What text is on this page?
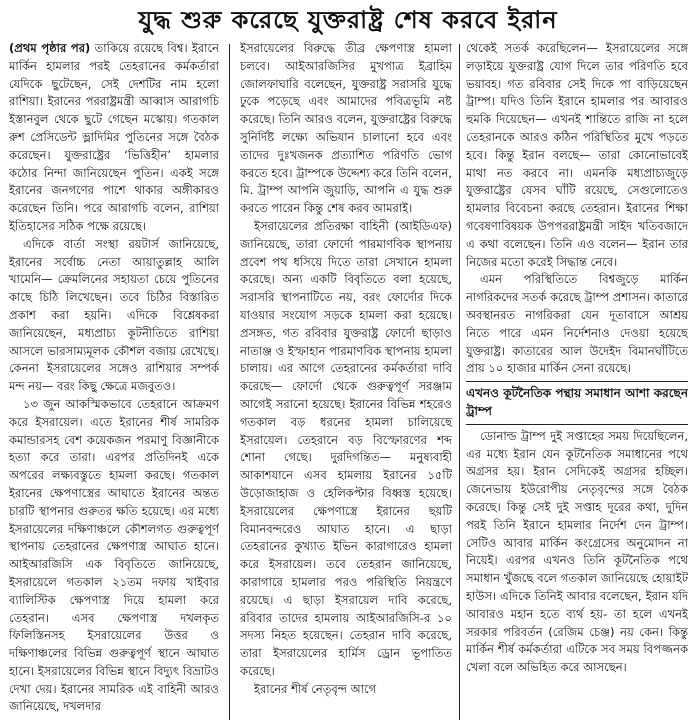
যুদ্ধ শুরু করেছে যুক্তরাষ্ট্র শেষ করবে ইরান

(প্রথম পৃষ্ঠার পর) তাকিয়ে রয়েছে বিশ্ব। ইরানে মার্কিন হামলার পরই তেহরানের কর্মকর্তারা যেদিকে ছুটেছেন, সেই দেশটির নাম হলো রাশিয়া। ইরানের পররাষ্ট্রমন্ত্রী আব্বাস আরাগচি ইস্তানবুল থেকে ছুটে গেছেন মস্কোয়। গতকাল রুশ প্রেসিডেন্ট ভ্লাদিমির পুতিনের সঙ্গে বৈঠক করেছেন। যুক্তরাষ্ট্রের ‘ভিত্তিহীন’ হামলার কঠোর নিন্দা জানিয়েছেন পুতিন। একই সঙ্গে ইরানের জনগণের পাশে থাকার অঙ্গীকারও করেছেন তিনি। পরে আরাগচি বলেন, রাশিয়া ইতিহাসের সঠিক পক্ষে রয়েছে।

এদিকে বার্তা সংস্থা রয়টার্স জানিয়েছে, ইরানের সর্বোচ্চ নেতা আয়াতুল্লাহ আলি খামেনি— ক্রেমলিনের সহায়তা চেয়ে পুতিনের কাছে চিঠি লিখেছেন। তবে চিঠির বিস্তারিত প্রকাশ করা হয়নি। এদিকে বিশ্লেষকরা জানিয়েছেন, মধ্যপ্রাচ্য কূটনীতিতে রাশিয়া আসলে ভারসাম্যমূলক কৌশল বজায় রেখেছে। কেননা ইসরায়েলের সঙ্গেও রাশিয়ার সম্পর্ক মন্দ নয়— বরং কিছু ক্ষেত্রে মজবুতও।

১৩ জুন আকস্মিকভাবে তেহরানে আক্রমণ করে ইসরায়েল। এতে ইরানের শীর্ষ সামরিক কমান্ডারসহ বেশ কয়েকজন পরমাণু বিজ্ঞানীকে হত্যা করে তারা। এরপর প্রতিদিনই একে অপরের লক্ষ্যবস্তুতে হামলা করছে। গতকাল ইরানের ক্ষেপণাস্ত্রের আঘাতে ইরানের অন্তত চারটি স্থাপনার গুরুতর ক্ষতি হয়েছে। এর মধ্যে ইসরায়েলের দক্ষিণাঞ্চলে কৌশলগত গুরুত্বপূর্ণ স্থাপনায় তেহরানের ক্ষেপণাস্ত্র আঘাত হানে। আইআরজিসি এক বিবৃতিতে জানিয়েছে, ইসরায়েলে গতকাল ২১তম দফায় খাইবার ব্যালিস্টিক ক্ষেপণাস্ত্র দিয়ে হামলা করে তেহরান। এসব ক্ষেপণাস্ত্র দখলকৃত ফিলিস্তিনসহ ইসরায়েলের উত্তর ও দক্ষিণাঞ্চলের বিভিন্ন গুরুত্বপূর্ণ স্থানে আঘাত হানে। ইসরায়েলের বিভিন্ন স্থানে বিদ্যুৎ বিভ্রাটও দেখা দেয়। ইরানের সামরিক এই বাহিনী আরও জানিয়েছে, দখলদার

ইসরায়েলের বিরুদ্ধে তীব্র ক্ষেপণাস্ত্র হামলা চলবে। আইআরজিসির মুখপাত্র ইব্রাহিম জোলফাঘারি বলেছেন, যুক্তরাষ্ট্র সরাসরি যুদ্ধে ঢুকে পড়েছে এবং আমাদের পবিত্রভূমি নষ্ট করেছে। তিনি আরও বলেন, যুক্তরাষ্ট্রের বিরুদ্ধে সুনির্দিষ্ট লক্ষ্যে অভিযান চালানো হবে এবং তাদের দুঃখজনক প্রত্যাশিত পরিণতি ভোগ করতে হবে। ট্রাম্পকে উদ্দেশ্য করে তিনি বলেন, মি. ট্রাম্প আপনি জুয়াড়ি, আপনি এ যুদ্ধ শুরু করতে পারেন কিন্তু শেষ করব আমরাই।

ইসরায়েলের প্রতিরক্ষা বাহিনী (আইডিএফ) জানিয়েছে, তারা ফোর্দো পারমাণবিক স্থাপনায় প্রবেশ পথ ধসিয়ে দিতে তারা সেখানে হামলা করেছে। অন্য একটি বিবৃতিতে বলা হয়েছে, সরাসরি স্থাপনাটিতে নয়, বরং ফোর্দোর দিকে যাওয়ার সংযোগ সড়কে হামলা করা হয়েছে। প্রসঙ্গত, গত রবিবার যুক্তরাষ্ট্র ফোর্দো ছাড়াও নাতাঞ্জ ও ইস্ফাহান পারমাণবিক স্থাপনায় হামলা চালায়। এর আগে তেহরানের কর্মকর্তারা দাবি করেছে— ফোর্দো থেকে গুরুত্বপূর্ণ সরঞ্জাম আগেই সরানো হয়েছে। ইরানের বিভিন্ন শহরেও গতকাল বড় ধরনের হামলা চালিয়েছে ইসরায়েল। তেহরানে বড় বিস্ফোরণের শব্দ শোনা গেছে। দুরদিগন্তিত— মনুষ্যবাহী আকাশযানে এসব হামলায় ইরানের ১৫টি উড়োজাহাজ ও হেলিকপ্টার বিধ্বস্ত হয়েছে। ইসরায়েলের ক্ষেপণাস্ত্রে ইরানের ছয়টি বিমানবন্দরেও আঘাত হানে। এ ছাড়া তেহরানের কুখ্যাত ইভিন কারাগারেও হামলা করে ইসরায়েল। তবে তেহরান জানিয়েছে, কারাগারে হামলার পরও পরিস্থিতি নিয়ন্ত্রণে রয়েছে। এ ছাড়া ইসরায়েল দাবি করেছে, রবিবার তাদের হামলায় আইআরজিসি-র ১০ সদস্য নিহত হয়েছেন। তেহরান দাবি করেছে, তারা ইসরায়েলের হার্মিস ড্রোন ভূপাতিত করেছে।

ইরানের শীর্ষ নেতৃবৃন্দ আগে

থেকেই সতর্ক করেছিলেন— ইসরায়েলের সঙ্গে লড়াইয়ে যুক্তরাষ্ট্র যোগ দিলে তার পরিণতি হবে ভয়াবহ। গত রবিবার সেই দিকে পা বাড়িয়েছেন ট্রাম্প। যদিও তিনি ইরানে হামলার পর আবারও হুমকি দিয়েছেন— এখনই শান্তিতে রাজি না হলে তেহরানকে আরও কঠিন পরিস্থিতির মুখে পড়তে হবে। কিন্তু ইরান বলছে— তারা কোনোভাবেই মাথা নত করবে না। এমনকি মধ্যপ্রাচ্যজুড়ে যুক্তরাষ্ট্রের যেসব ঘাঁটি রয়েছে, সেগুলোতেও হামলার বিবেচনা করছে তেহরান। ইরানের শিক্ষা গবেষণাবিষয়ক উপপররাষ্ট্রমন্ত্রী সাইদ খতিবজাদে এ কথা বলেছেন। তিনি এও বলেন— ইরান তার নিজের মতো করেই সিদ্ধান্ত নেবে।

এমন পরিস্থিতিতে বিশ্বজুড়ে মার্কিন নাগরিকদের সতর্ক করেছে ট্রাম্প প্রশাসন। কাতারে অবস্থানরত নাগরিকরা যেন দূতাবাসে আশ্রয় নিতে পারে এমন নির্দেশনাও দেওয়া হয়েছে যুক্তরাষ্ট্র। কাতারের আল উদেইদ বিমানঘাঁটিতে প্রায় ১০ হাজার মার্কিন সেনা রয়েছে।

এখনও কূটনৈতিক পন্থায় সমাধান আশা করছেন ট্রাম্প

ডোনাল্ড ট্রাম্প দুই সপ্তাহের সময় দিয়েছিলেন, এর মধ্যে ইরান যেন কূটনৈতিক সমাধানের পথে অগ্রসর হয়। ইরান সেদিকেই অগ্রসর হচ্ছিল। জেনেভায় ইউরোপীয় নেতৃবৃন্দের সঙ্গে বৈঠক করেছে। কিন্তু সেই দুই সপ্তাহ দূরের কথা, দুদিন পরই তিনি ইরানে হামলার নির্দেশ দেন ট্রাম্প। সেটিও আবার মার্কিন কংগ্রেসের অনুমোদন না নিয়েই। এরপর এখনও তিনি কূটনৈতিক পথে সমাধান খুঁজছে বলে গতকাল জানিয়েছে হোয়াইট হাউস। এদিকে তিনিই আবার বলেছেন, ইরান যদি আবারও মহান হতে ব্যর্থ হয়- তা হলে এখনই সরকার পরিবর্তন (রেজিম চেঞ্জ) নয় কেন। কিন্তু মার্কিন শীর্ষ কর্মকর্তারা এটিকে সব সময় বিপজ্জনক খেলা বলে অভিহিত করে আসছেন।
